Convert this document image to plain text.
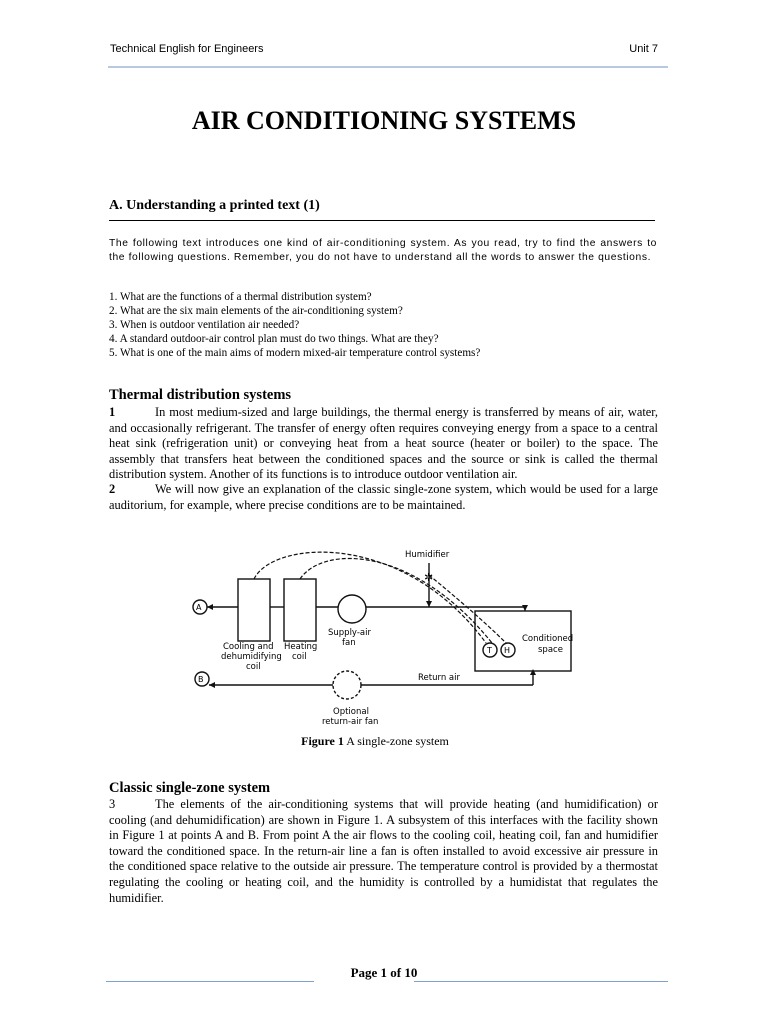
Technical English for Engineers	Unit 7
AIR CONDITIONING SYSTEMS
A. Understanding a printed text (1)

The following text introduces one kind of air-conditioning system. As you read, try to find the answers to the following questions. Remember, you do not have to understand all the words to answer the questions.

1. What are the functions of a thermal distribution system?
2. What are the six main elements of the air-conditioning system?
3. When is outdoor ventilation air needed?
4. A standard outdoor-air control plan must do two things. What are they?
5. What is one of the main aims of modern mixed-air temperature control systems?
Thermal distribution systems

1	In most medium-sized and large buildings, the thermal energy is transferred by means of air, water, and occasionally refrigerant. The transfer of energy often requires conveying energy from a space to a central heat sink (refrigeration unit) or conveying heat from a heat source (heater or boiler) to the space. The assembly that transfers heat between the conditioned spaces and the source or sink is called the thermal distribution system. Another of its functions is to introduce outdoor ventilation air.

2	We will now give an explanation of the classic single-zone system, which would be used for a large auditorium, for example, where precise conditions are to be maintained.

✲
Humidifier
A
B
Cooling and
dehumidifying
coil
Heating
coil
Supply-air
fan	Conditioned
space
T H
Return air
Optional
return-air fan
Figure 1 A single-zone system
Classic single-zone system

3	The elements of the air-conditioning systems that will provide heating (and humidification) or cooling (and dehumidification) are shown in Figure 1. A subsystem of this interfaces with the facility shown in Figure 1 at points A and B. From point A the air flows to the cooling coil, heating coil, fan and humidifier toward the conditioned space. In the return-air line a fan is often installed to avoid excessive air pressure in the conditioned space relative to the outside air pressure. The temperature control is provided by a thermostat regulating the cooling or heating coil, and the humidity is controlled by a humidistat that regulates the humidifier.

Page 1 of 10
